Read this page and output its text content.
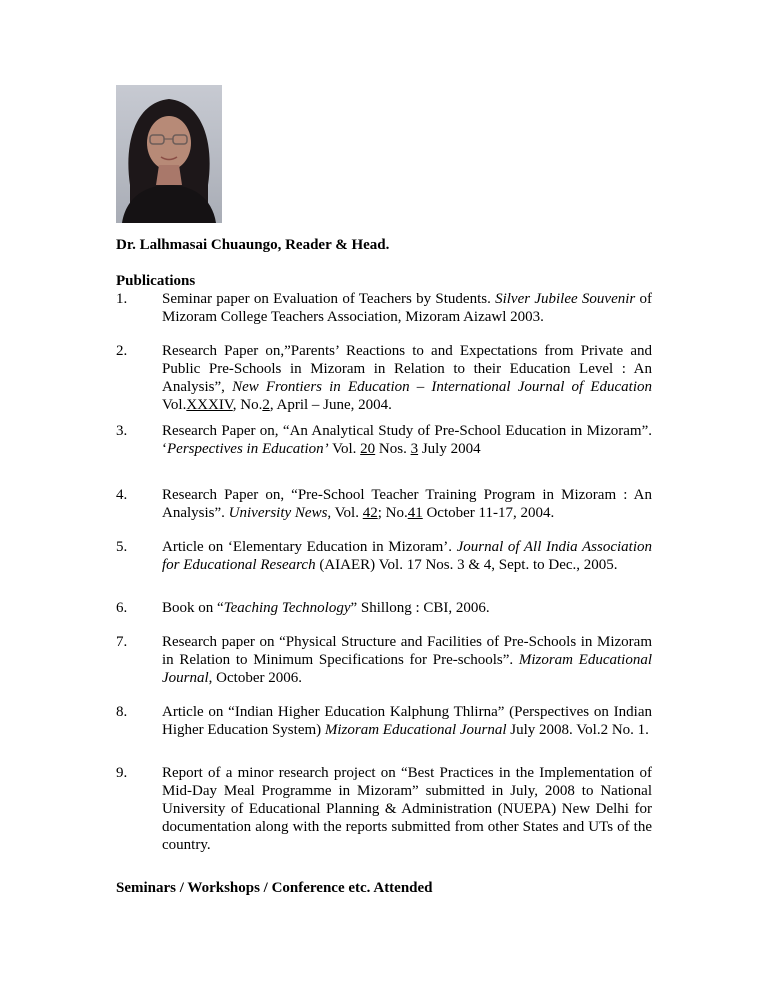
Dr. Lalhmasai Chuaungo, Reader & Head.

Publications

1.	Seminar paper on Evaluation of Teachers by Students. Silver Jubilee Souvenir of Mizoram College Teachers Association, Mizoram Aizawl 2003.
2.	Research Paper on,”Parents’ Reactions to and Expectations from Private and Public Pre-Schools in Mizoram in Relation to their Education Level : An Analysis”, New Frontiers in Education – International Journal of Education Vol.XXXIV, No.2, April – June, 2004.
3.	Research Paper on, “An Analytical Study of Pre-School Education in Mizoram”. ‘Perspectives in Education’ Vol. 20 Nos. 3 July 2004
4.	Research Paper on, “Pre-School Teacher Training Program in Mizoram : An Analysis”. University News, Vol. 42; No.41 October 11-17, 2004.
5.	Article on ‘Elementary Education in Mizoram’. Journal of All India Association for Educational Research (AIAER) Vol. 17 Nos. 3 & 4, Sept. to Dec., 2005.
6.	Book on “Teaching Technology” Shillong : CBI, 2006.
7.	Research paper on “Physical Structure and Facilities of Pre-Schools in Mizoram in Relation to Minimum Specifications for Pre-schools”. Mizoram Educational Journal, October 2006.
8.	Article on “Indian Higher Education Kalphung Thlirna” (Perspectives on Indian Higher Education System) Mizoram Educational Journal July 2008. Vol.2 No. 1.
9.	Report of a minor research project on “Best Practices in the Implementation of Mid-Day Meal Programme in Mizoram” submitted in July, 2008 to National University of Educational Planning & Administration (NUEPA) New Delhi for documentation along with the reports submitted from other States and UTs of the country.

Seminars / Workshops / Conference etc. Attended
